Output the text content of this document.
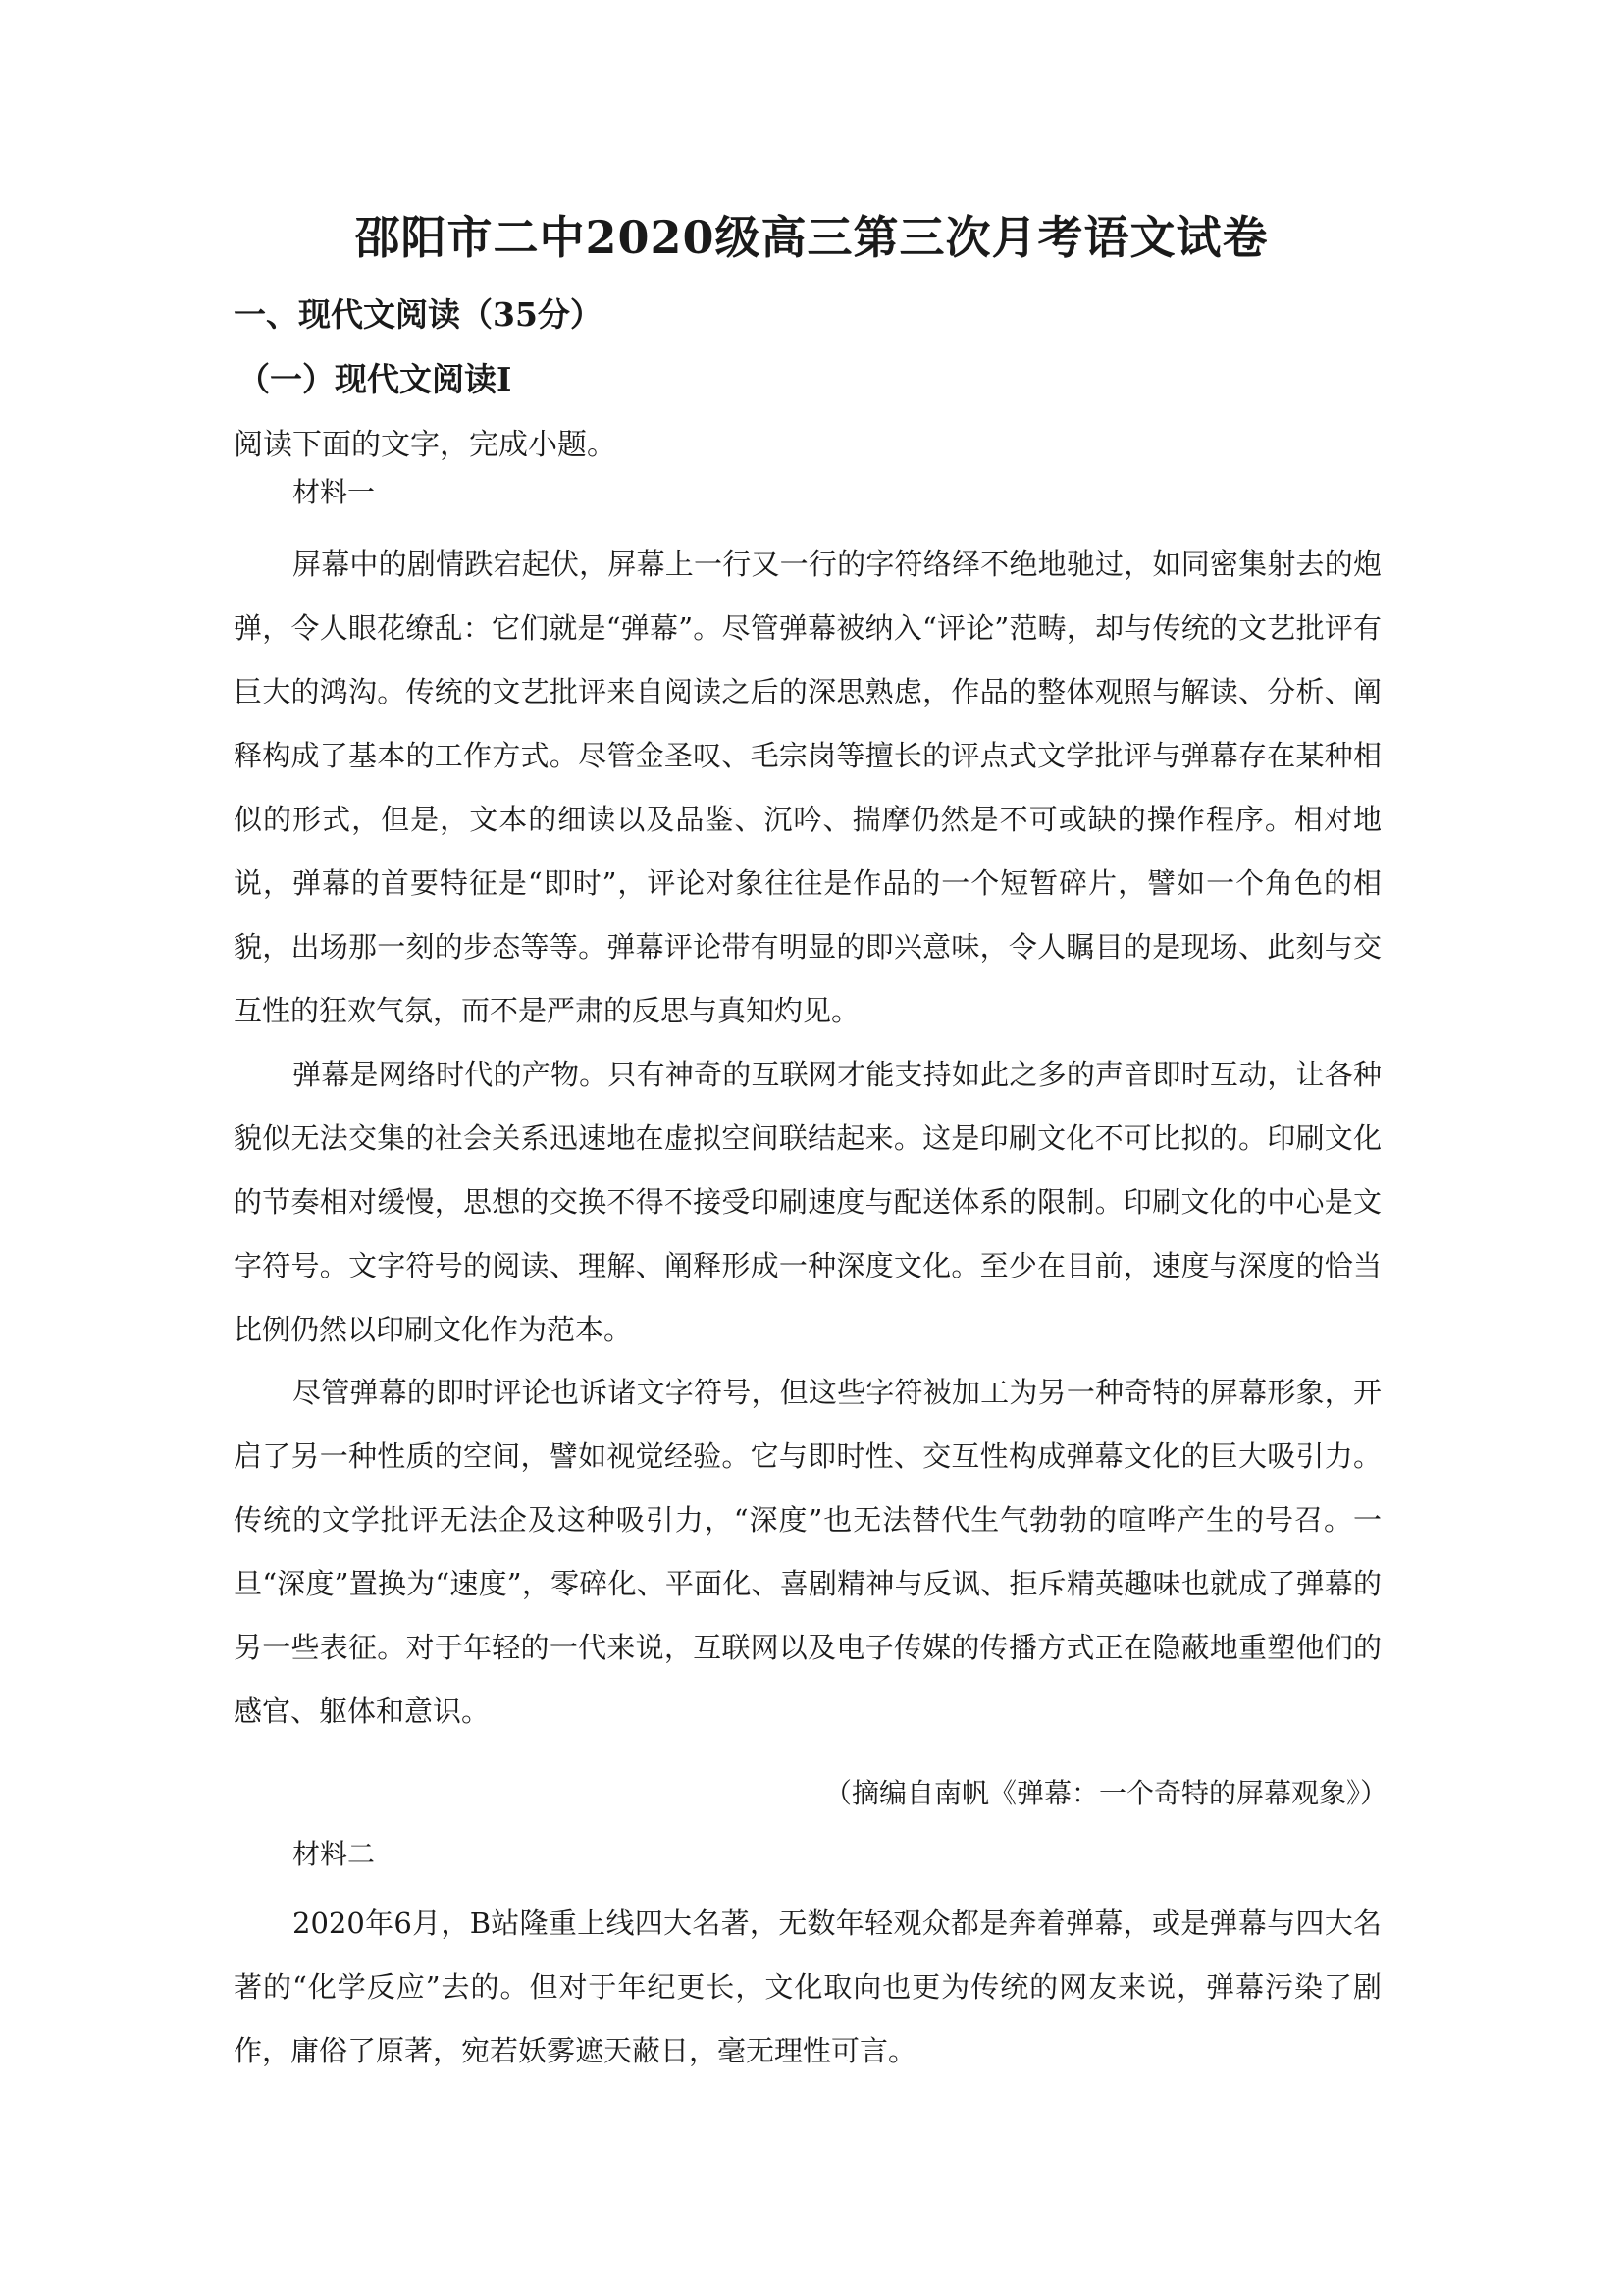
邵阳市二中2020级高三第三次月考语文试卷
一、现代文阅读（35分）
（一）现代文阅读Ⅰ
阅读下面的文字，完成小题。
材料一

屏幕中的剧情跌宕起伏，屏幕上一行又一行的字符络绎不绝地驰过，如同密集射去的炮弹，令人眼花缭乱：它们就是“弹幕”。尽管弹幕被纳入“评论”范畴，却与传统的文艺批评有巨大的鸿沟。传统的文艺批评来自阅读之后的深思熟虑，作品的整体观照与解读、分析、阐释构成了基本的工作方式。尽管金圣叹、毛宗岗等擅长的评点式文学批评与弹幕存在某种相似的形式，但是，文本的细读以及品鉴、沉吟、揣摩仍然是不可或缺的操作程序。相对地说，弹幕的首要特征是“即时”，评论对象往往是作品的一个短暂碎片，譬如一个角色的相貌，出场那一刻的步态等等。弹幕评论带有明显的即兴意味，令人瞩目的是现场、此刻与交互性的狂欢气氛，而不是严肃的反思与真知灼见。

弹幕是网络时代的产物。只有神奇的互联网才能支持如此之多的声音即时互动，让各种貌似无法交集的社会关系迅速地在虚拟空间联结起来。这是印刷文化不可比拟的。印刷文化的节奏相对缓慢，思想的交换不得不接受印刷速度与配送体系的限制。印刷文化的中心是文字符号。文字符号的阅读、理解、阐释形成一种深度文化。至少在目前，速度与深度的恰当比例仍然以印刷文化作为范本。

尽管弹幕的即时评论也诉诸文字符号，但这些字符被加工为另一种奇特的屏幕形象，开启了另一种性质的空间，譬如视觉经验。它与即时性、交互性构成弹幕文化的巨大吸引力。传统的文学批评无法企及这种吸引力，“深度”也无法替代生气勃勃的喧哗产生的号召。一旦“深度”置换为“速度”，零碎化、平面化、喜剧精神与反讽、拒斥精英趣味也就成了弹幕的另一些表征。对于年轻的一代来说，互联网以及电子传媒的传播方式正在隐蔽地重塑他们的感官、躯体和意识。

（摘编自南帆《弹幕：一个奇特的屏幕观象》）
材料二

2020年6月，B站隆重上线四大名著，无数年轻观众都是奔着弹幕，或是弹幕与四大名著的“化学反应”去的。但对于年纪更长，文化取向也更为传统的网友来说，弹幕污染了剧作，庸俗了原著，宛若妖雾遮天蔽日，毫无理性可言。
